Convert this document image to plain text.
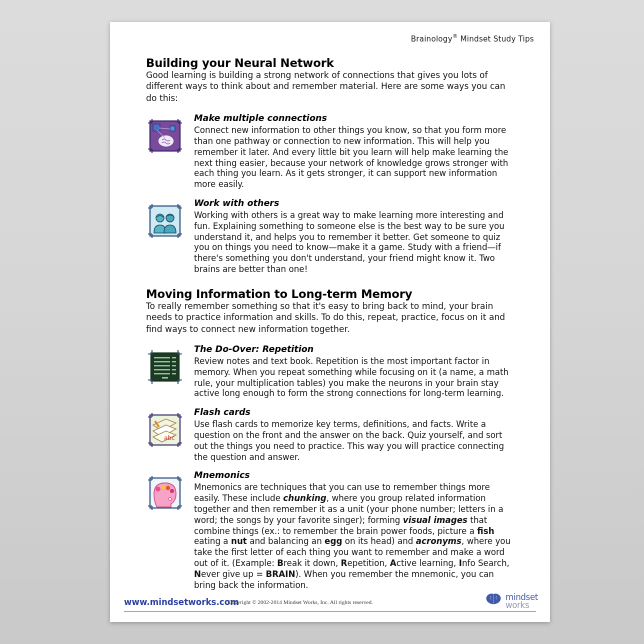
Brainology® Mindset Study Tips
Building your Neural Network

Good learning is building a strong network of connections that gives you lots of different ways to think about and remember material. Here are some ways you can do this:

Make multiple connections

Connect new information to other things you know, so that you form more than one pathway or connection to new information. This will help you remember it later. And every little bit you learn will help make learning the next thing easier, because your network of knowledge grows stronger with each thing you learn. As it gets stronger, it can support new information more easily.

Work with others

Working with others is a great way to make learning more interesting and fun. Explaining something to someone else is the best way to be sure you understand it, and helps you to remember it better. Get someone to quiz you on things you need to know—make it a game. Study with a friend—if there's something you don't understand, your friend might know it. Two brains are better than one!

Moving Information to Long-term Memory

To really remember something so that it's easy to bring back to mind, your brain needs to practice information and skills. To do this, repeat, practice, focus on it and find ways to connect new information together.

The Do-Over: Repetition

Review notes and text book. Repetition is the most important factor in memory. When you repeat something while focusing on it (a name, a math rule, your multiplication tables) you make the neurons in your brain stay active long enough to form the strong connections for long-term learning.

abc
Flash cards

Use flash cards to memorize key terms, definitions, and facts. Write a question on the front and the answer on the back. Quiz yourself, and sort out the things you need to practice. This way you will practice connecting the question and answer.

Mnemonics

Mnemonics are techniques that you can use to remember things more easily. These include chunking, where you group related information together and then remember it as a unit (your phone number; letters in a word; the songs by your favorite singer); forming visual images that combine things (ex.: to remember the brain power foods, picture a fish eating a nut and balancing an egg on its head) and acronyms, where you take the first letter of each thing you want to remember and make a word out of it. (Example: Break it down, Repetition, Active learning, Info Search, Never give up = BRAIN). When you remember the mnemonic, you can bring back the information.

www.mindsetworks.com
Copyright © 2002-2014 Mindset Works, Inc. All rights reserved.
mindset
works
